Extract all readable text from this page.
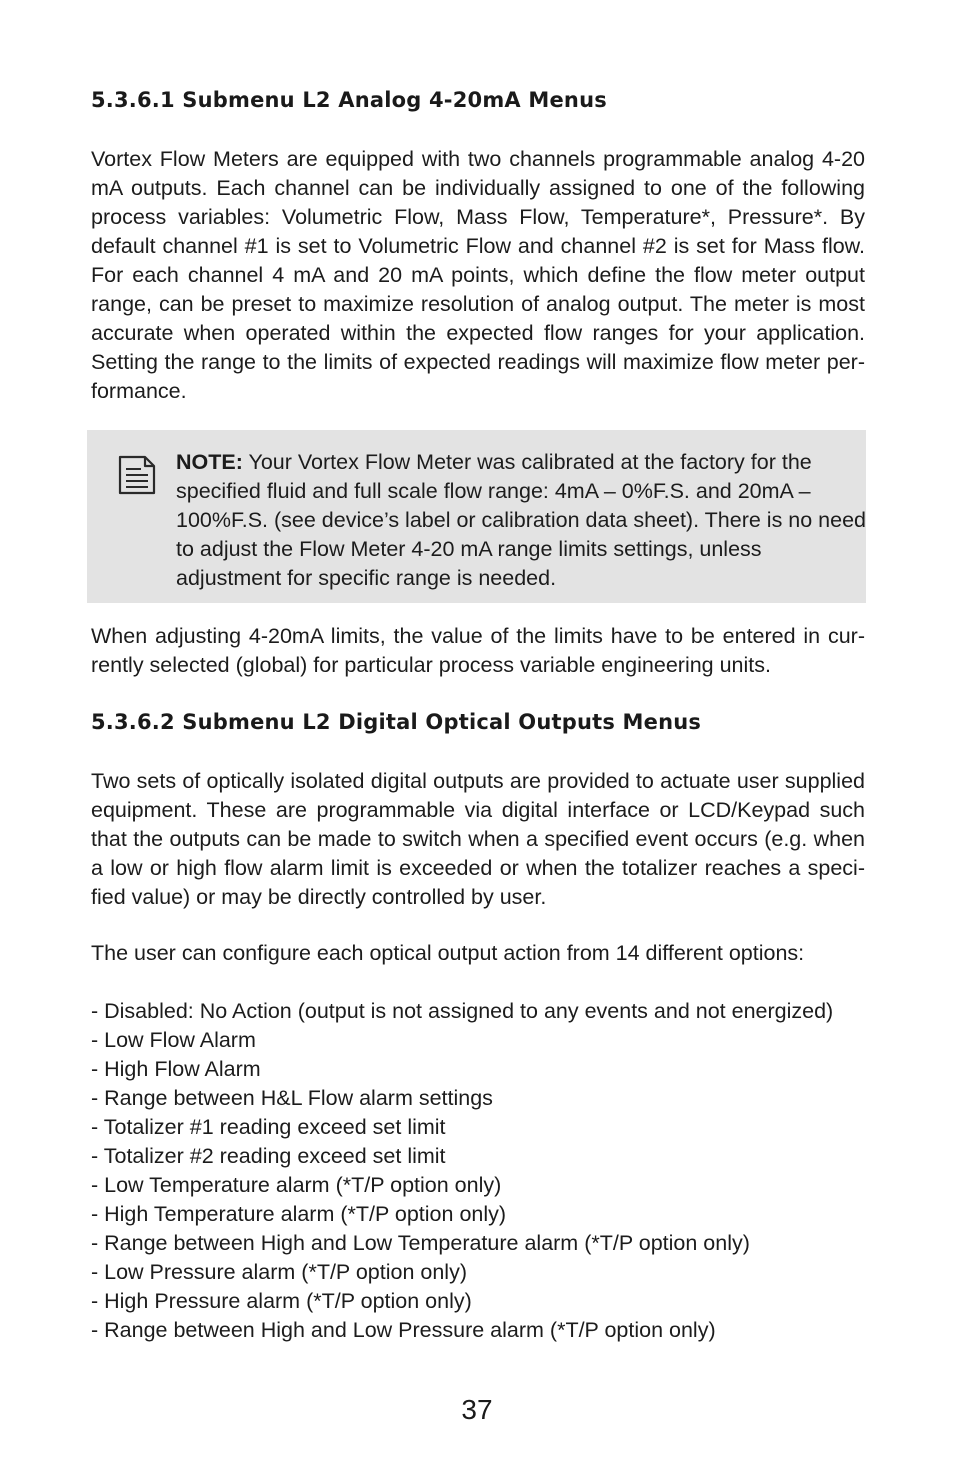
5.3.6.1 Submenu L2 Analog 4-20mA Menus

Vortex Flow Meters are equipped with two channels programmable analog 4-20 mA outputs. Each channel can be individually assigned to one of the following process variables: Volumetric Flow, Mass Flow, Temperature*, Pressure*. By default channel #1 is set to Volumetric Flow and channel #2 is set for Mass flow. For each channel 4 mA and 20 mA points, which define the flow meter output range, can be preset to maximize resolution of analog output. The meter is most accurate when operated within the expected flow ranges for your application. Setting the range to the limits of expected readings will maximize flow meter per-formance.

NOTE: Your Vortex Flow Meter was calibrated at the factory for the specified fluid and full scale flow range: 4mA – 0%F.S. and 20mA – 100%F.S. (see device’s label or calibration data sheet). There is no need to adjust the Flow Meter 4-20 mA range limits settings, unless adjustment for specific range is needed.

When adjusting 4-20mA limits, the value of the limits have to be entered in cur-rently selected (global) for particular process variable engineering units.

5.3.6.2 Submenu L2 Digital Optical Outputs Menus

Two sets of optically isolated digital outputs are provided to actuate user supplied equipment. These are programmable via digital interface or LCD/Keypad such that the outputs can be made to switch when a specified event occurs (e.g. when a low or high flow alarm limit is exceeded or when the totalizer reaches a speci-fied value) or may be directly controlled by user.

The user can configure each optical output action from 14 different options:

- Disabled: No Action (output is not assigned to any events and not energized)
- Low Flow Alarm
- High Flow Alarm
- Range between H&L Flow alarm settings
- Totalizer #1 reading exceed set limit
- Totalizer #2 reading exceed set limit
- Low Temperature alarm (*T/P option only)
- High Temperature alarm (*T/P option only)
- Range between High and Low Temperature alarm (*T/P option only)
- Low Pressure alarm (*T/P option only)
- High Pressure alarm (*T/P option only)
- Range between High and Low Pressure alarm (*T/P option only)
37
